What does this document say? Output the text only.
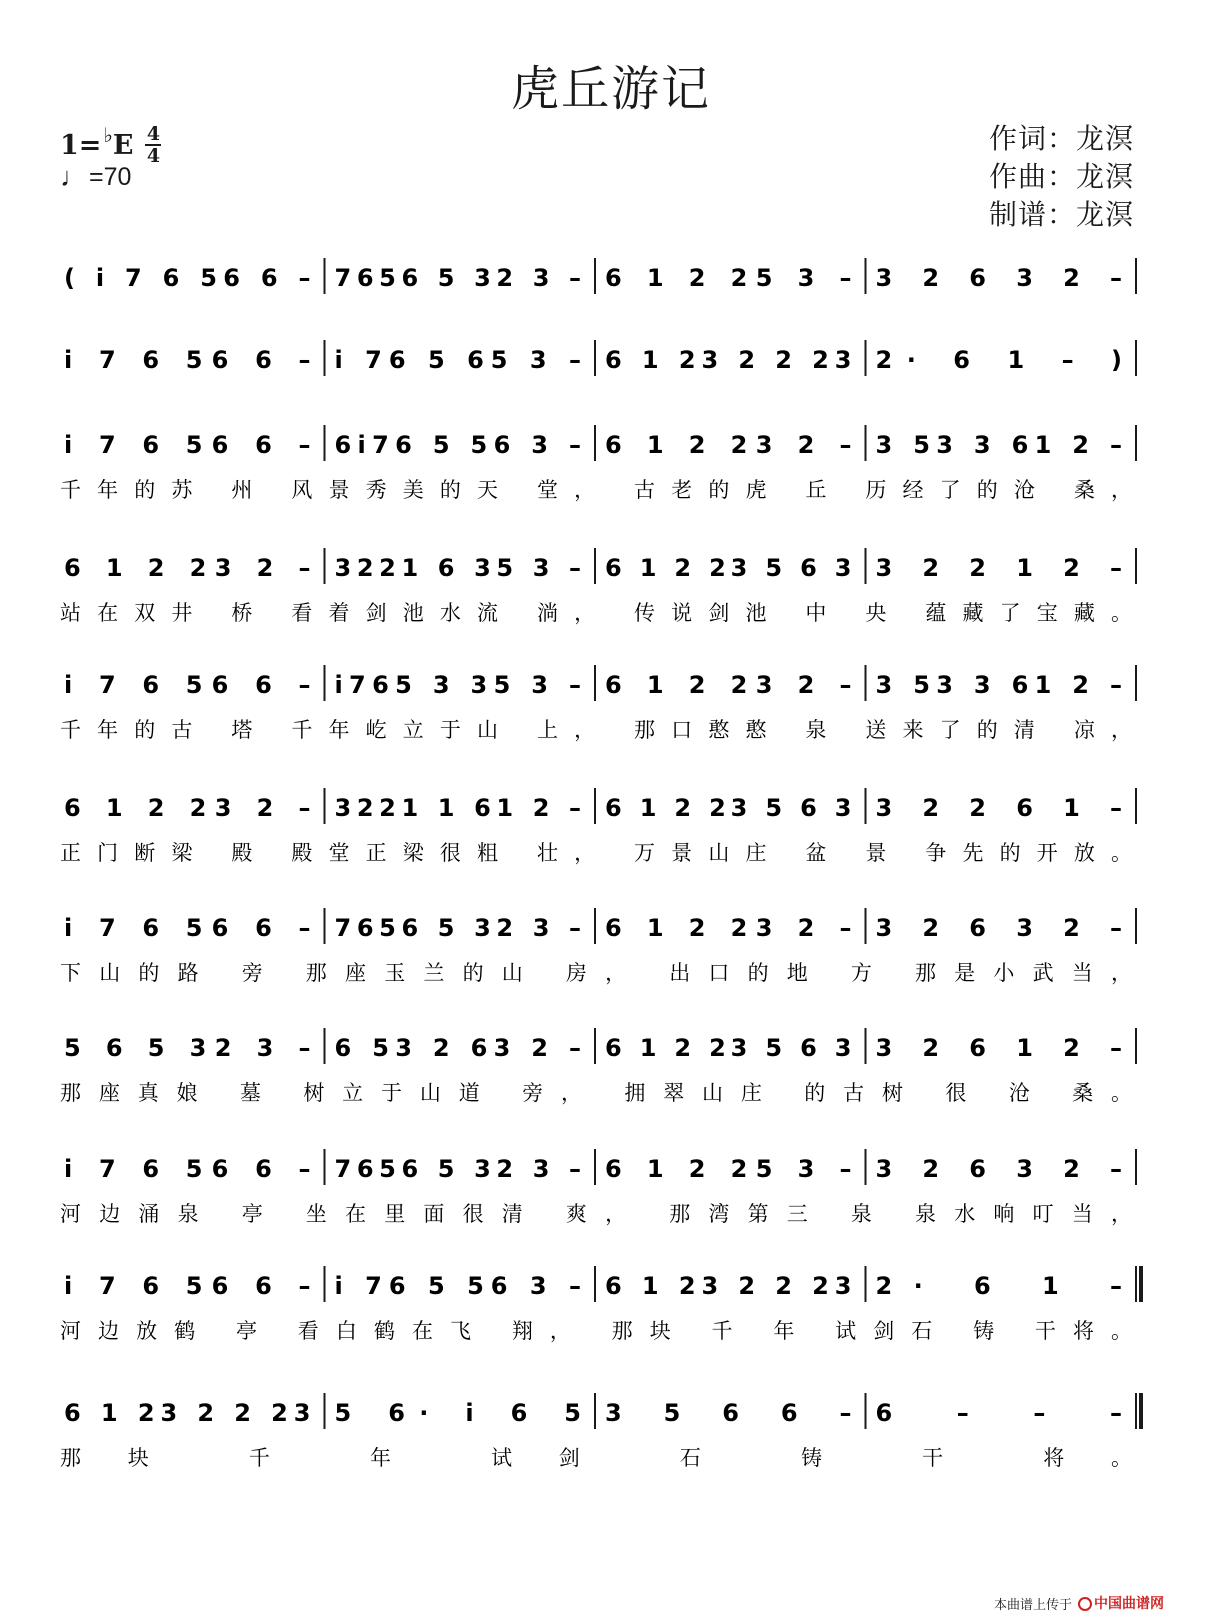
虎丘游记
1= ♭ E $\frac{4}{4}$
♩ =70
作词：龙溟
作曲：龙溟
制谱：龙溟
( i 7 6 56 6 – 7656 5 32 3 – 6 1 2 25 3 – 3 2 6 3 2 –
i 7 6 56 6 – i 76 5 65 3 – 6 1 23 2 2 23 2· 6 1 – )
i 7 6 56 6 – 6i76 5 56 3 – 6 1 2 23 2 – 3 53 3 61 2 –
千年的苏 州 风景秀美的天 堂， 古老的虎 丘 历经了的沧 桑，
6 1 2 23 2 – 3221 6 35 3 – 6 1 2 23 5 6 3 3 2 2 1 2 –
站在双井 桥 看着剑池水流 淌， 传说剑池 中 央 蕴藏了宝藏。
i 7 6 56 6 – i765 3 35 3 – 6 1 2 23 2 – 3 53 3 61 2 –
千年的古 塔 千年屹立于山 上， 那口憨憨 泉 送来了的清 凉，
6 1 2 23 2 – 3221 1 61 2 – 6 1 2 23 5 6 3 3 2 2 6 1 –
正门断梁 殿 殿堂正梁很粗 壮， 万景山庄 盆 景 争先的开放。
i 7 6 56 6 – 7656 5 32 3 – 6 1 2 23 2 – 3 2 6 3 2 –
下山的路 旁 那座玉兰的山 房， 出口的地 方 那是小武当，
5 6 5 32 3 – 6 53 2 63 2 – 6 1 2 23 5 6 3 3 2 6 1 2 –
那座真娘 墓 树立于山道 旁， 拥翠山庄 的古树 很 沧 桑。
i 7 6 56 6 – 7656 5 32 3 – 6 1 2 25 3 – 3 2 6 3 2 –
河边涌泉 亭 坐在里面很清 爽， 那湾第三 泉 泉水响叮当，
i 7 6 56 6 – i 76 5 56 3 – 6 1 23 2 2 23 2· 6 1 –
河边放鹤 亭 看白鹤在飞 翔， 那块 千 年 试剑石 铸 干将。
6 1 23 2 2 23 5 6· i 6 5 3 5 6 6 – 6 – – –
那块 千 年 试剑 石 铸 干 将。
本曲谱上传于	中国曲谱网
